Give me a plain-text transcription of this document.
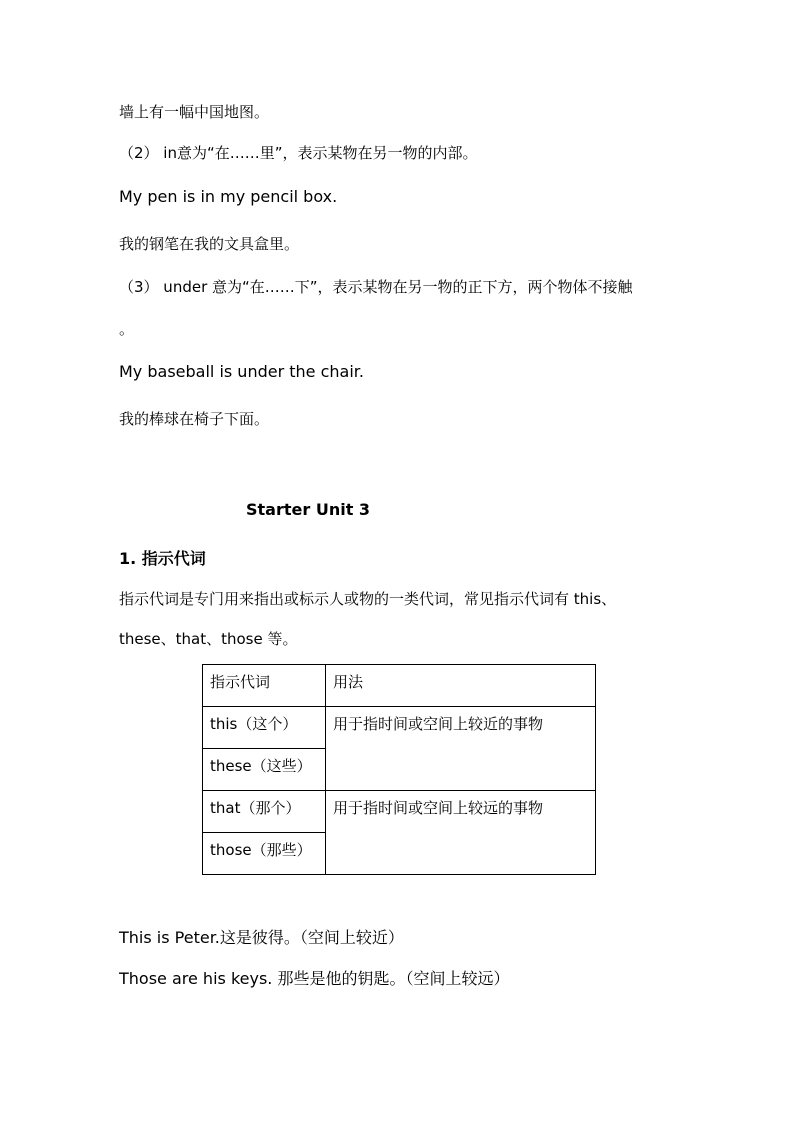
墙上有一幅中国地图。
（2） in意为“在……里”，表示某物在另一物的内部。
My pen is in my pencil box.
我的钢笔在我的文具盒里。
（3） under 意为“在……下”，表示某物在另一物的正下方，两个物体不接触
。
My baseball is under the chair.
我的棒球在椅子下面。
Starter Unit 3
1. 指示代词
指示代词是专门用来指出或标示人或物的一类代词，常见指示代词有 this、
these、that、those 等。
指示代词	用法
this（这个）	用于指时间或空间上较近的事物
these（这些）	
that（那个）	用于指时间或空间上较远的事物
those（那些）	
This is Peter.这是彼得。（空间上较近）
Those are his keys. 那些是他的钥匙。（空间上较远）
